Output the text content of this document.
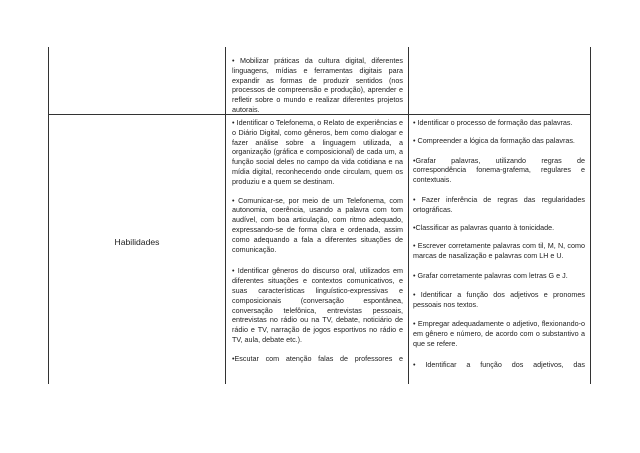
• Mobilizar práticas da cultura digital, diferentes linguagens, mídias e ferramentas digitais para expandir as formas de produzir sentidos (nos processos de compreensão e produção), aprender e refletir sobre o mundo e realizar diferentes projetos autorais.
Habilidades
• Identificar o Telefonema, o Relato de experiências e o Diário Digital, como gêneros, bem como dialogar e fazer análise sobre a linguagem utilizada, a organização (gráfica e composicional) de cada um, a função social deles no campo da vida cotidiana e na mídia digital, reconhecendo onde circulam, quem os produziu e a quem se destinam.
• Comunicar-se, por meio de um Telefonema, com autonomia, coerência, usando a palavra com tom audível, com boa articulação, com ritmo adequado, expressando-se de forma clara e ordenada, assim como adequando a fala a diferentes situações de comunicação.
• Identificar gêneros do discurso oral, utilizados em diferentes situações e contextos comunicativos, e suas características linguístico-expressivas e composicionais (conversação espontânea, conversação telefônica, entrevistas pessoais, entrevistas no rádio ou na TV, debate, noticiário de rádio e TV, narração de jogos esportivos no rádio e TV, aula, debate etc.).
•Escutar com atenção falas de professores e
• Identificar o processo de formação das palavras.
• Compreender a lógica da formação das palavras.
•Grafar palavras, utilizando regras de correspondência fonema-grafema, regulares e contextuais.
• Fazer inferência de regras das regularidades ortográficas.
•Classificar as palavras quanto à tonicidade.
• Escrever corretamente palavras com til, M, N, como marcas de nasalização e palavras com LH e U.
• Grafar corretamente palavras com letras G e J.
• Identificar a função dos adjetivos e pronomes pessoais nos textos.
• Empregar adequadamente o adjetivo, flexionando-o em gênero e número, de acordo com o substantivo a que se refere.
• Identificar a função dos adjetivos, das
